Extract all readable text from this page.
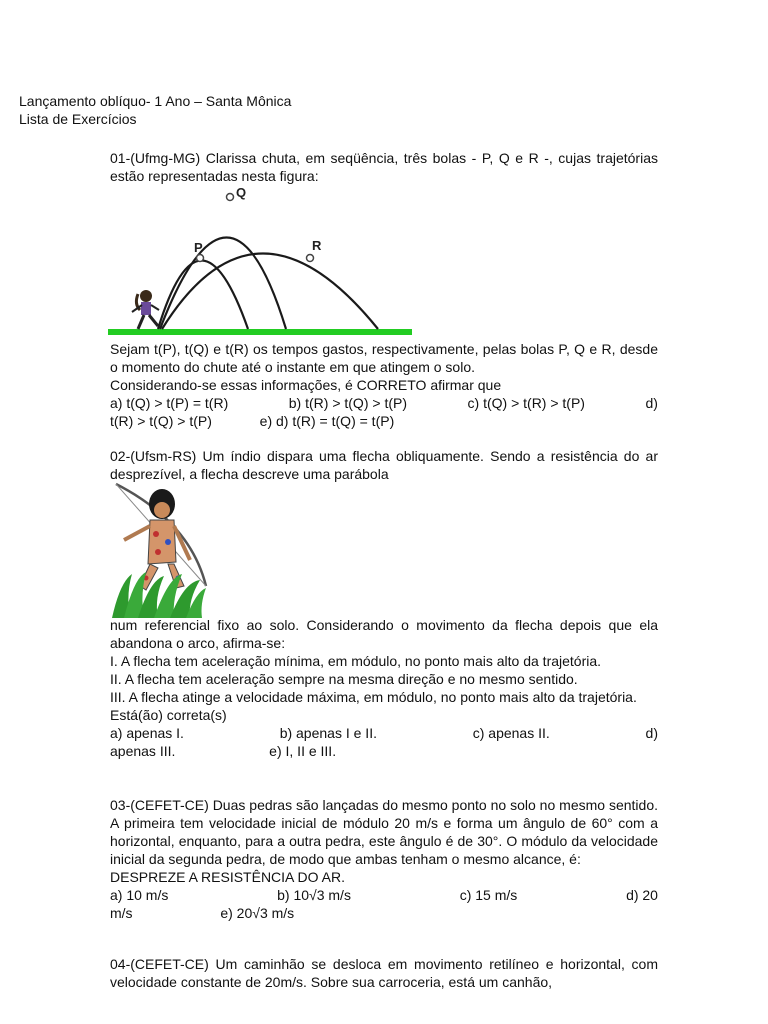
Lançamento oblíquo- 1 Ano – Santa Mônica
Lista de Exercícios

01-(Ufmg-MG) Clarissa chuta, em seqüência, três bolas - P, Q e R -, cujas trajetórias estão representadas nesta figura:

Q
P	R

Sejam t(P), t(Q) e t(R) os tempos gastos, respectivamente, pelas bolas P, Q e R, desde o momento do chute até o instante em que atingem o solo.

Considerando-se essas informações, é CORRETO afirmar que

a) t(Q) > t(P) = t(R)	b) t(R) > t(Q) > t(P)	c) t(Q) > t(R) > t(P)	d)
t(R) > t(Q) > t(P)	e) d) t(R) = t(Q) = t(P)

02-(Ufsm-RS) Um índio dispara uma flecha obliquamente. Sendo a resistência do ar desprezível, a flecha descreve uma parábola

num referencial fixo ao solo. Considerando o movimento da flecha depois que ela abandona o arco, afirma-se:

I. A flecha tem aceleração mínima, em módulo, no ponto mais alto da trajetória.

II. A flecha tem aceleração sempre na mesma direção e no mesmo sentido.

III. A flecha atinge a velocidade máxima, em módulo, no ponto mais alto da trajetória.

Está(ão) correta(s)

a) apenas I.	b) apenas I e II.	c) apenas II.	d)
apenas III.	e) I, II e III.

03-(CEFET-CE) Duas pedras são lançadas do mesmo ponto no solo no mesmo sentido. A primeira tem velocidade inicial de módulo 20 m/s e forma um ângulo de 60° com a horizontal, enquanto, para a outra pedra, este ângulo é de 30°. O módulo da velocidade inicial da segunda pedra, de modo que ambas tenham o mesmo alcance, é:

DESPREZE A RESISTÊNCIA DO AR.

a) 10 m/s	b) 10√3 m/s	c) 15 m/s	d) 20
m/s	e) 20√3 m/s

04-(CEFET-CE) Um caminhão se desloca em movimento retilíneo e horizontal, com velocidade constante de 20m/s. Sobre sua carroceria, está um canhão,
